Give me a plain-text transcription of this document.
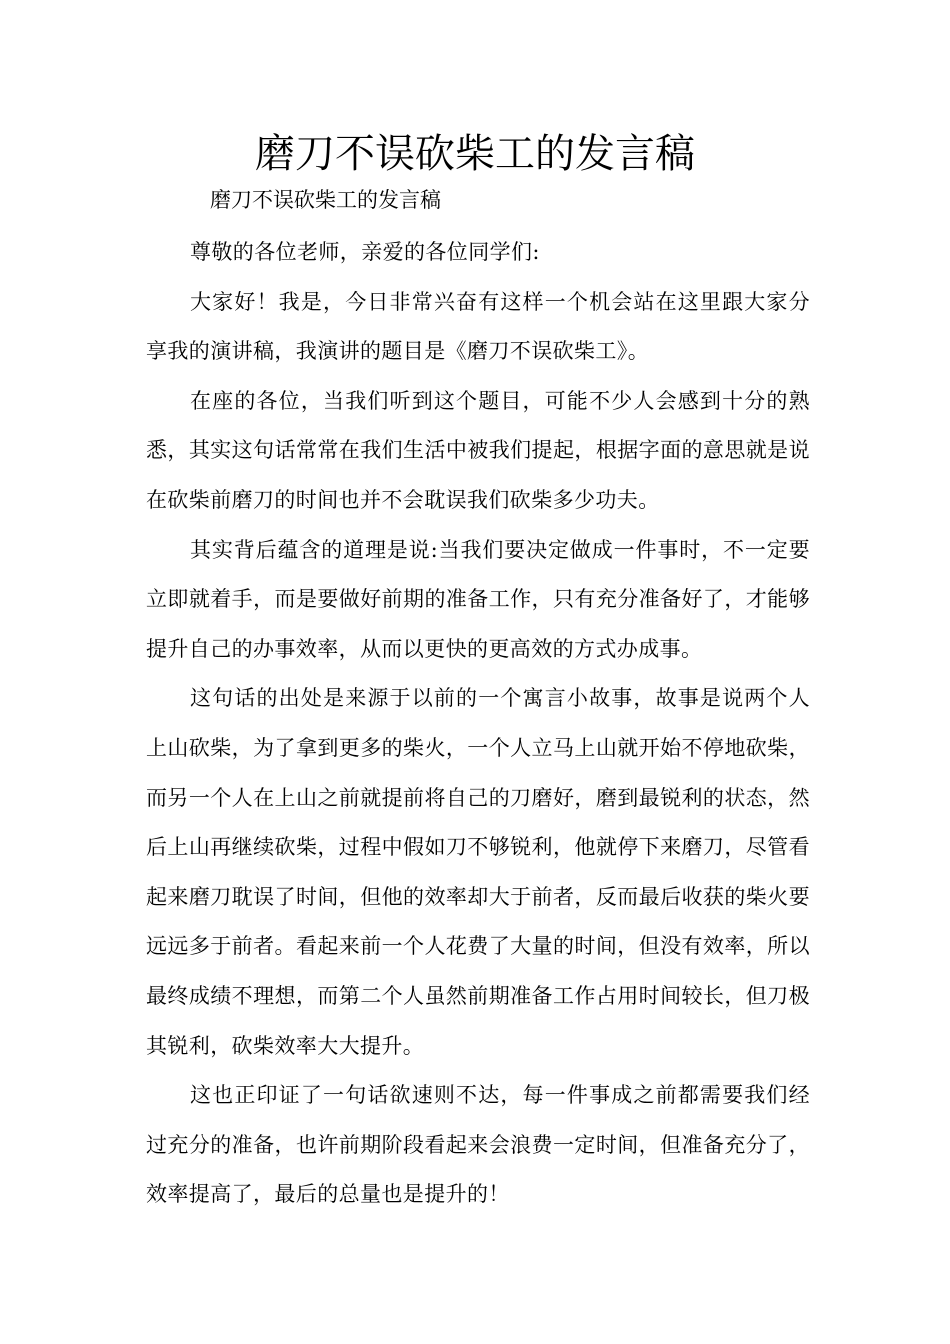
磨刀不误砍柴工的发言稿

磨刀不误砍柴工的发言稿

尊敬的各位老师，亲爱的各位同学们:

大家好！我是，今日非常兴奋有这样一个机会站在这里跟大家分享我的演讲稿，我演讲的题目是《磨刀不误砍柴工》。

在座的各位，当我们听到这个题目，可能不少人会感到十分的熟悉，其实这句话常常在我们生活中被我们提起，根据字面的意思就是说在砍柴前磨刀的时间也并不会耽误我们砍柴多少功夫。

其实背后蕴含的道理是说:当我们要决定做成一件事时，不一定要立即就着手，而是要做好前期的准备工作，只有充分准备好了，才能够提升自己的办事效率，从而以更快的更高效的方式办成事。

这句话的出处是来源于以前的一个寓言小故事，故事是说两个人上山砍柴，为了拿到更多的柴火，一个人立马上山就开始不停地砍柴，而另一个人在上山之前就提前将自己的刀磨好，磨到最锐利的状态，然后上山再继续砍柴，过程中假如刀不够锐利，他就停下来磨刀，尽管看起来磨刀耽误了时间，但他的效率却大于前者，反而最后收获的柴火要远远多于前者。看起来前一个人花费了大量的时间，但没有效率，所以最终成绩不理想，而第二个人虽然前期准备工作占用时间较长，但刀极其锐利，砍柴效率大大提升。

这也正印证了一句话欲速则不达，每一件事成之前都需要我们经过充分的准备，也许前期阶段看起来会浪费一定时间，但准备充分了，效率提高了，最后的总量也是提升的！
